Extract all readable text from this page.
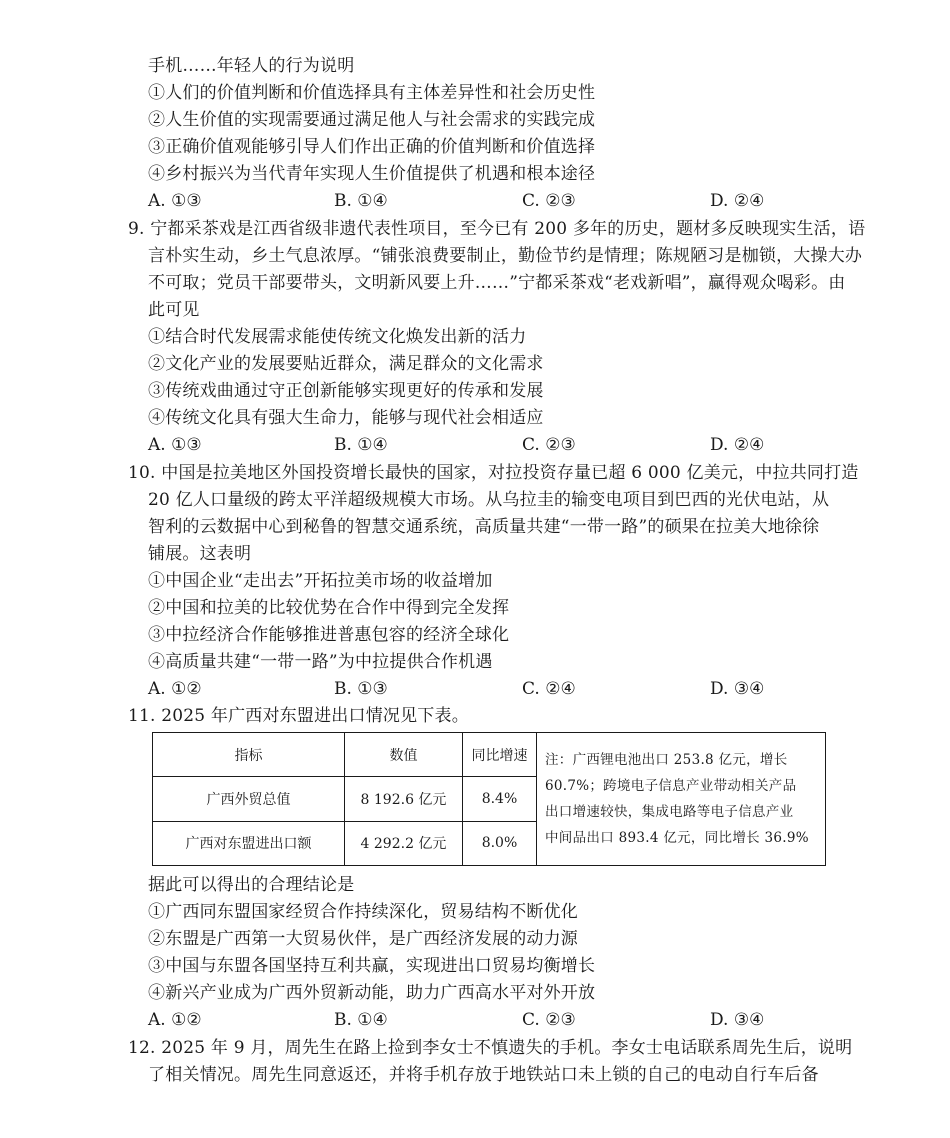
手机……年轻人的行为说明
①人们的价值判断和价值选择具有主体差异性和社会历史性
②人生价值的实现需要通过满足他人与社会需求的实践完成
③正确价值观能够引导人们作出正确的价值判断和价值选择
④乡村振兴为当代青年实现人生价值提供了机遇和根本途径
A. ①③	B. ①④	C. ②③	D. ②④
9. 宁都采茶戏是江西省级非遗代表性项目，至今已有 200 多年的历史，题材多反映现实生活，语
言朴实生动，乡土气息浓厚。“铺张浪费要制止，勤俭节约是情理；陈规陋习是枷锁，大操大办
不可取；党员干部要带头，文明新风要上升……”宁都采茶戏“老戏新唱”，赢得观众喝彩。由
此可见
①结合时代发展需求能使传统文化焕发出新的活力
②文化产业的发展要贴近群众，满足群众的文化需求
③传统戏曲通过守正创新能够实现更好的传承和发展
④传统文化具有强大生命力，能够与现代社会相适应
A. ①③	B. ①④	C. ②③	D. ②④
10. 中国是拉美地区外国投资增长最快的国家，对拉投资存量已超 6 000 亿美元，中拉共同打造
20 亿人口量级的跨太平洋超级规模大市场。从乌拉圭的输变电项目到巴西的光伏电站，从
智利的云数据中心到秘鲁的智慧交通系统，高质量共建“一带一路”的硕果在拉美大地徐徐
铺展。这表明
①中国企业“走出去”开拓拉美市场的收益增加
②中国和拉美的比较优势在合作中得到完全发挥
③中拉经济合作能够推进普惠包容的经济全球化
④高质量共建“一带一路”为中拉提供合作机遇
A. ①②	B. ①③	C. ②④	D. ③④
11. 2025 年广西对东盟进出口情况见下表。
指标	数值	同比增速	注：广西锂电池出口 253.8 亿元，增长
60.7%；跨境电子信息产业带动相关产品
出口增速较快，集成电路等电子信息产业
中间品出口 893.4 亿元，同比增长 36.9%

广西外贸总值	8 192.6 亿元	8.4%	
广西对东盟进出口额	4 292.2 亿元	8.0%	
据此可以得出的合理结论是
①广西同东盟国家经贸合作持续深化，贸易结构不断优化
②东盟是广西第一大贸易伙伴，是广西经济发展的动力源
③中国与东盟各国坚持互利共赢，实现进出口贸易均衡增长
④新兴产业成为广西外贸新动能，助力广西高水平对外开放
A. ①②	B. ①④	C. ②③	D. ③④
12. 2025 年 9 月，周先生在路上捡到李女士不慎遗失的手机。李女士电话联系周先生后，说明
了相关情况。周先生同意返还，并将手机存放于地铁站口未上锁的自己的电动自行车后备
